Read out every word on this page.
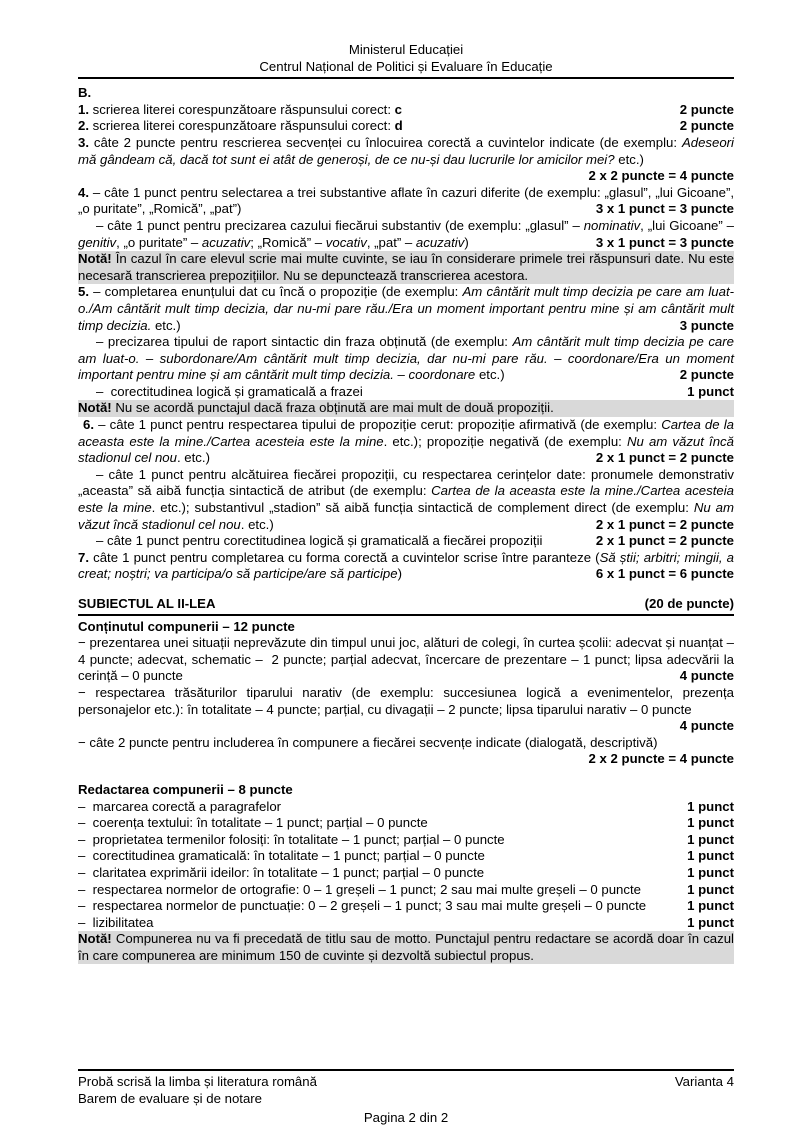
Ministerul Educației
Centrul Național de Politici și Evaluare în Educație
B.
1. scrierea literei corespunzătoare răspunsului corect: c	2 puncte
2. scrierea literei corespunzătoare răspunsului corect: d	2 puncte
3. câte 2 puncte pentru rescrierea secvenței cu înlocuirea corectă a cuvintelor indicate (de exemplu: Adeseori mă gândeam că, dacă tot sunt ei atât de generoși, de ce nu-și dau lucrurile lor amicilor mei? etc.)
2 x 2 puncte = 4 puncte
4. – câte 1 punct pentru selectarea a trei substantive aflate în cazuri diferite (de exemplu: „glasul”, „lui Gicoane”, „o puritate”, „Romică”, „pat”)	3 x 1 punct = 3 puncte
– câte 1 punct pentru precizarea cazului fiecărui substantiv (de exemplu: „glasul” – nominativ, „lui Gicoane” – genitiv, „o puritate” – acuzativ; „Romică” – vocativ, „pat” – acuzativ)	3 x 1 punct = 3 puncte
Notă! În cazul în care elevul scrie mai multe cuvinte, se iau în considerare primele trei răspunsuri date. Nu este necesară transcrierea prepozițiilor. Nu se depunctează transcrierea acestora.
5. – completarea enunțului dat cu încă o propoziție (de exemplu: Am cântărit mult timp decizia pe care am luat-o./Am cântărit mult timp decizia, dar nu-mi pare rău./Era un moment important pentru mine și am cântărit mult timp decizia. etc.)	3 puncte
– precizarea tipului de raport sintactic din fraza obținută (de exemplu: Am cântărit mult timp decizia pe care am luat-o. – subordonare/Am cântărit mult timp decizia, dar nu-mi pare rău. – coordonare/Era un moment important pentru mine și am cântărit mult timp decizia. – coordonare etc.)	2 puncte
–  corectitudinea logică și gramaticală a frazei	1 punct
Notă! Nu se acordă punctajul dacă fraza obținută are mai mult de două propoziții.
6. – câte 1 punct pentru respectarea tipului de propoziție cerut: propoziție afirmativă (de exemplu: Cartea de la aceasta este la mine./Cartea acesteia este la mine. etc.); propoziție negativă (de exemplu: Nu am văzut încă stadionul cel nou. etc.)	2 x 1 punct = 2 puncte
– câte 1 punct pentru alcătuirea fiecărei propoziții, cu respectarea cerințelor date: pronumele demonstrativ „aceasta” să aibă funcția sintactică de atribut (de exemplu: Cartea de la aceasta este la mine./Cartea acesteia este la mine. etc.); substantivul „stadion” să aibă funcția sintactică de complement direct (de exemplu: Nu am văzut încă stadionul cel nou. etc.)	2 x 1 punct = 2 puncte
– câte 1 punct pentru corectitudinea logică și gramaticală a fiecărei propoziții	2 x 1 punct = 2 puncte
7. câte 1 punct pentru completarea cu forma corectă a cuvintelor scrise între paranteze (Să știi; arbitri; mingii, a creat; noștri; va participa/o să participe/are să participe)	6 x 1 punct = 6 puncte
SUBIECTUL AL II-LEA	(20 de puncte)
Conținutul compunerii – 12 puncte
− prezentarea unei situații neprevăzute din timpul unui joc, alături de colegi, în curtea școlii: adecvat și nuanțat – 4 puncte; adecvat, schematic –  2 puncte; parțial adecvat, încercare de prezentare – 1 punct; lipsa adecvării la cerință – 0 puncte	4 puncte
− respectarea trăsăturilor tiparului narativ (de exemplu: succesiunea logică a evenimentelor, prezența personajelor etc.): în totalitate – 4 puncte; parțial, cu divagații – 2 puncte; lipsa tiparului narativ – 0 puncte
4 puncte
− câte 2 puncte pentru includerea în compunere a fiecărei secvențe indicate (dialogată, descriptivă)
2 x 2 puncte = 4 puncte
Redactarea compunerii – 8 puncte
–  marcarea corectă a paragrafelor	1 punct
–  coerența textului: în totalitate – 1 punct; parțial – 0 puncte	1 punct
–  proprietatea termenilor folosiți: în totalitate – 1 punct; parțial – 0 puncte	1 punct
–  corectitudinea gramaticală: în totalitate – 1 punct; parțial – 0 puncte	1 punct
–  claritatea exprimării ideilor: în totalitate – 1 punct; parțial – 0 puncte	1 punct
–  respectarea normelor de ortografie: 0 – 1 greșeli – 1 punct; 2 sau mai multe greșeli – 0 puncte	1 punct
–  respectarea normelor de punctuație: 0 – 2 greșeli – 1 punct; 3 sau mai multe greșeli – 0 puncte	1 punct
–  lizibilitatea	1 punct
Notă! Compunerea nu va fi precedată de titlu sau de motto. Punctajul pentru redactare se acordă doar în cazul în care compunerea are minimum 150 de cuvinte și dezvoltă subiectul propus.
Probă scrisă la limba și literatura română	Varianta 4
Barem de evaluare și de notare
Pagina 2 din 2
